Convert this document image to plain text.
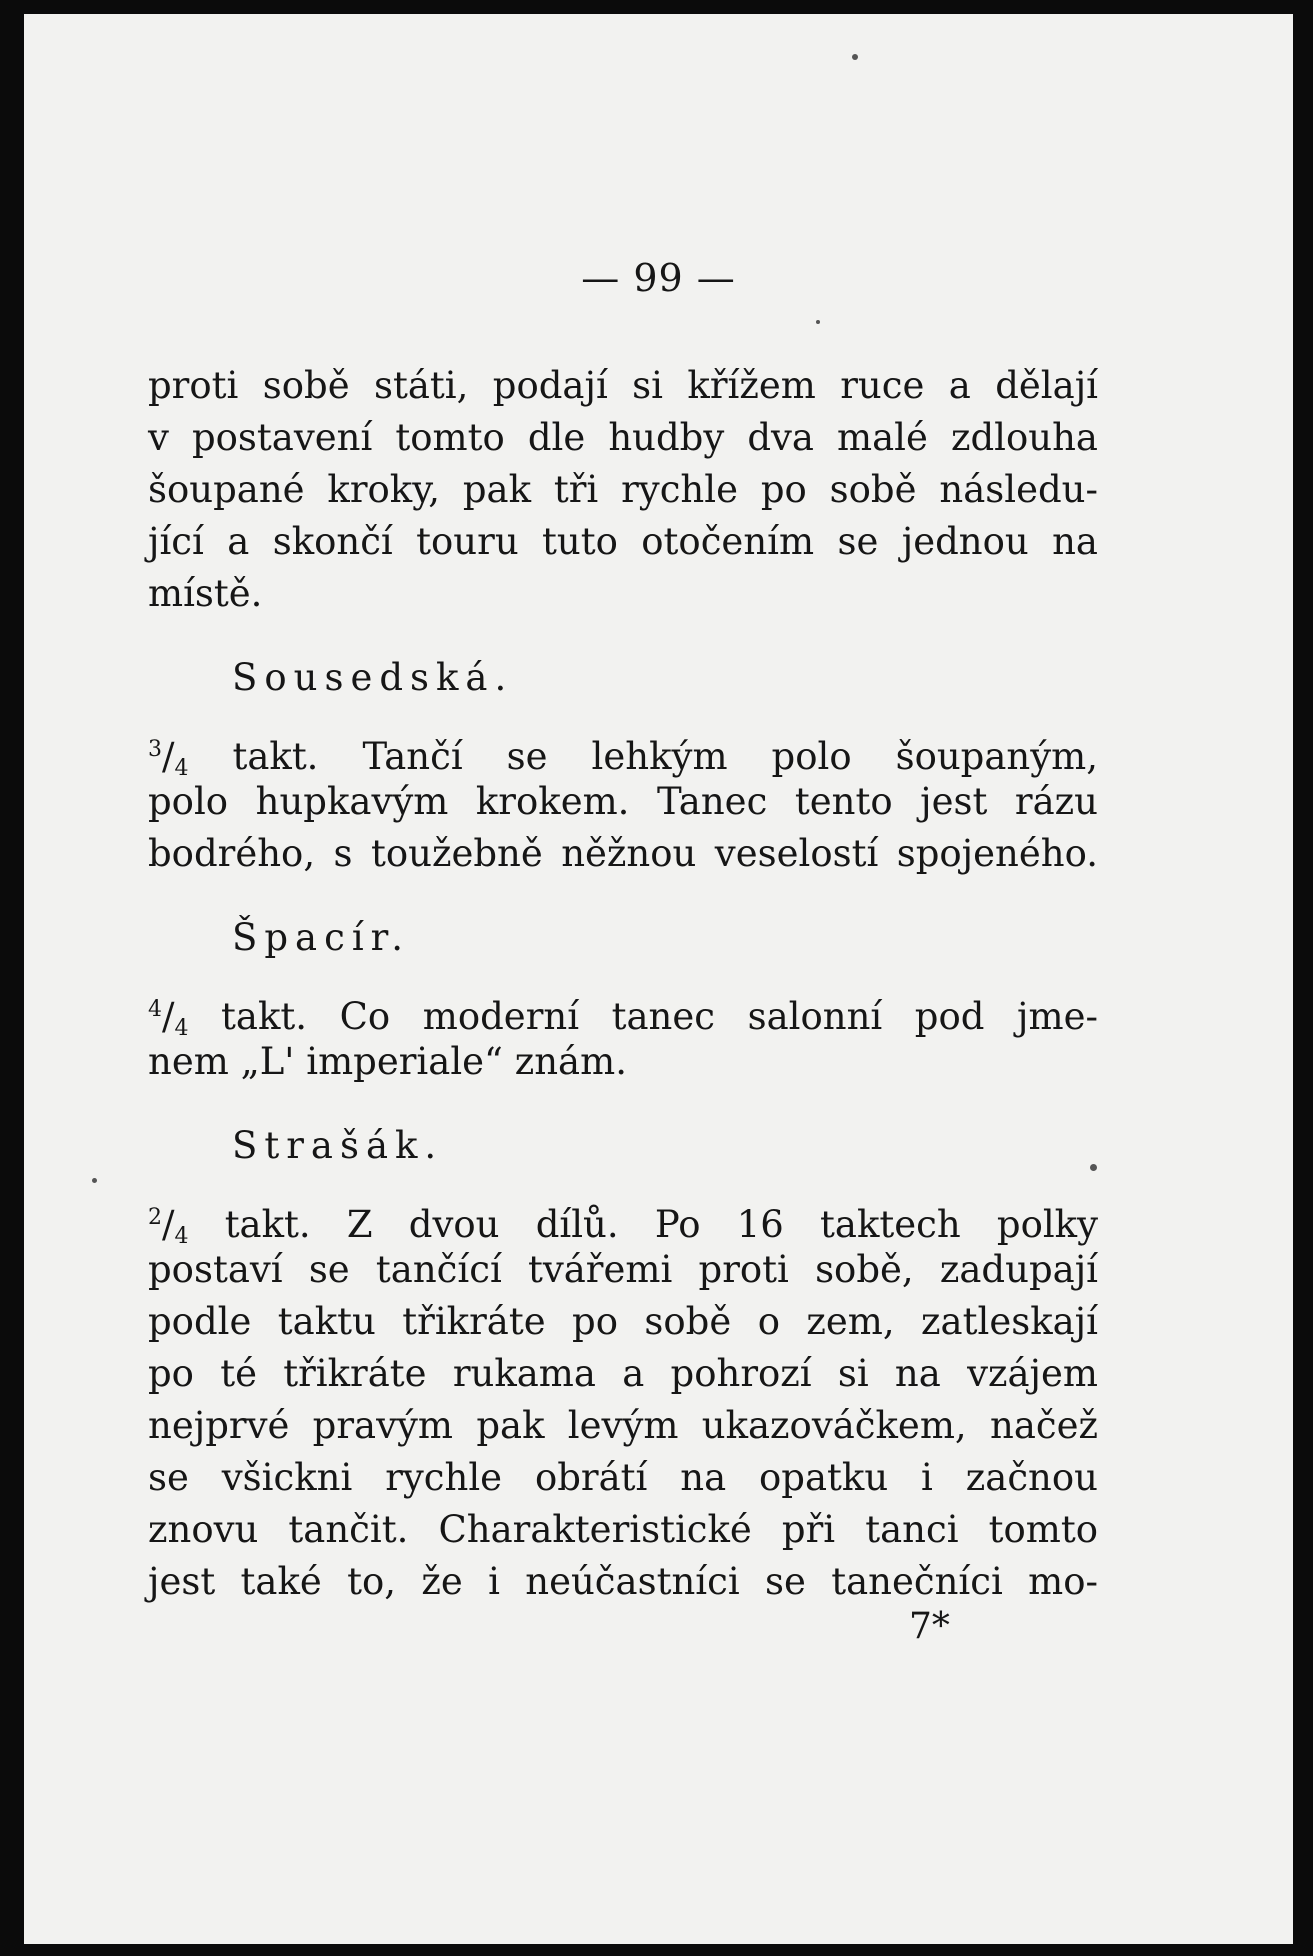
— 99 —
proti sobě státi, podají si křížem ruce a dělají
v postavení tomto dle hudby dva malé zdlouha
šoupané kroky, pak tři rychle po sobě následu-
jící a skončí touru tuto otočením se jednou na
místě.
Sousedská.
$^3/_4$ takt. Tančí se lehkým polo šoupaným,
polo hupkavým krokem. Tanec tento jest rázu
bodrého, s toužebně něžnou veselostí spojeného.
Špacír.
$^4/_4$ takt. Co moderní tanec salonní pod jme-
nem „L' imperiale“ znám.
Strašák.
$^2/_4$ takt. Z dvou dílů. Po 16 taktech polky
postaví se tančící tvářemi proti sobě, zadupají
podle taktu třikráte po sobě o zem, zatleskají
po té třikráte rukama a pohrozí si na vzájem
nejprvé pravým pak levým ukazováčkem, načež
se všickni rychle obrátí na opatku i začnou
znovu tančit. Charakteristické při tanci tomto
jest také to, že i neúčastníci se tanečníci mo-
7*
